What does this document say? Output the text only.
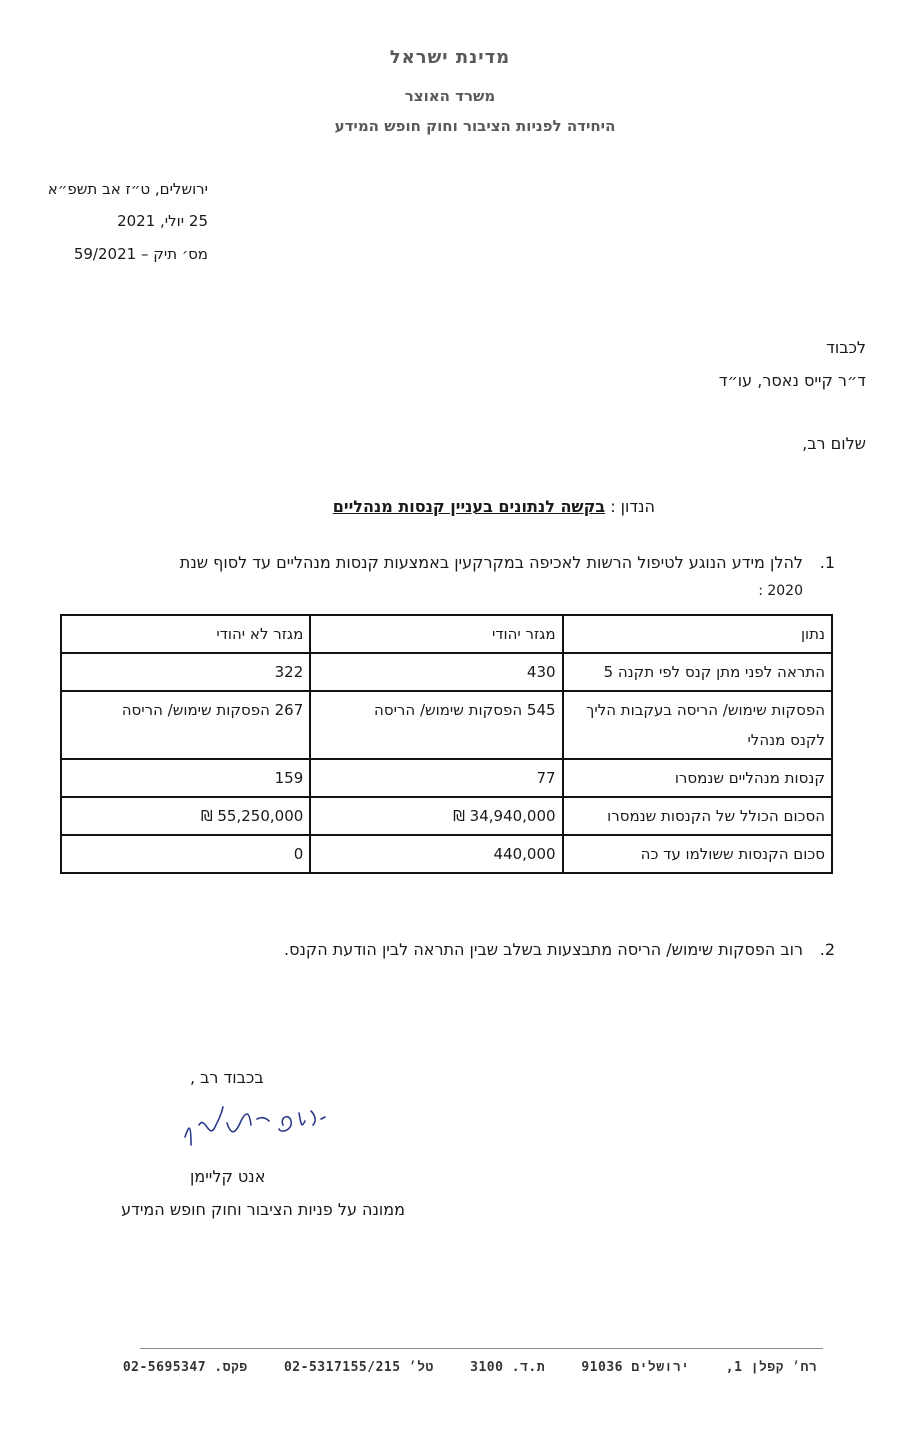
מדינת ישראל
משרד האוצר
היחידה לפניות הציבור וחוק חופש המידע
ירושלים, ט״ז אב תשפ״א
25 יולי, 2021
מס׳ תיק – 59/2021
לכבוד
ד״ר קייס נאסר, עו״ד
שלום רב,
הנדון : בקשה לנתונים בעניין קנסות מנהליים
1.
להלן מידע הנוגע לטיפול הרשות לאכיפה במקרקעין באמצעות קנסות מנהליים עד לסוף שנת
2020 :
נתון	מגזר יהודי	מגזר לא יהודי
התראה לפני מתן קנס לפי תקנה 5	430	322
הפסקות שימוש/ הריסה בעקבות הליך לקנס מנהלי	545 הפסקות שימוש/ הריסה	267 הפסקות שימוש/ הריסה
קנסות מנהליים שנמסרו	77	159
הסכום הכולל של הקנסות שנמסרו	34,940,000 ₪	55,250,000 ₪
סכום הקנסות ששולמו עד כה	440,000	0
2.
רוב הפסקות שימוש/ הריסה מתבצעות בשלב שבין התראה לבין הודעת הקנס.
בכבוד רב ,
אנט קליימן
ממונה על פניות הציבור וחוק חופש המידע
רח׳ קפלן 1, ירושלים 91036 ת.ד. 3100 טל׳ 02-5317155/215 פקס. 02-5695347
